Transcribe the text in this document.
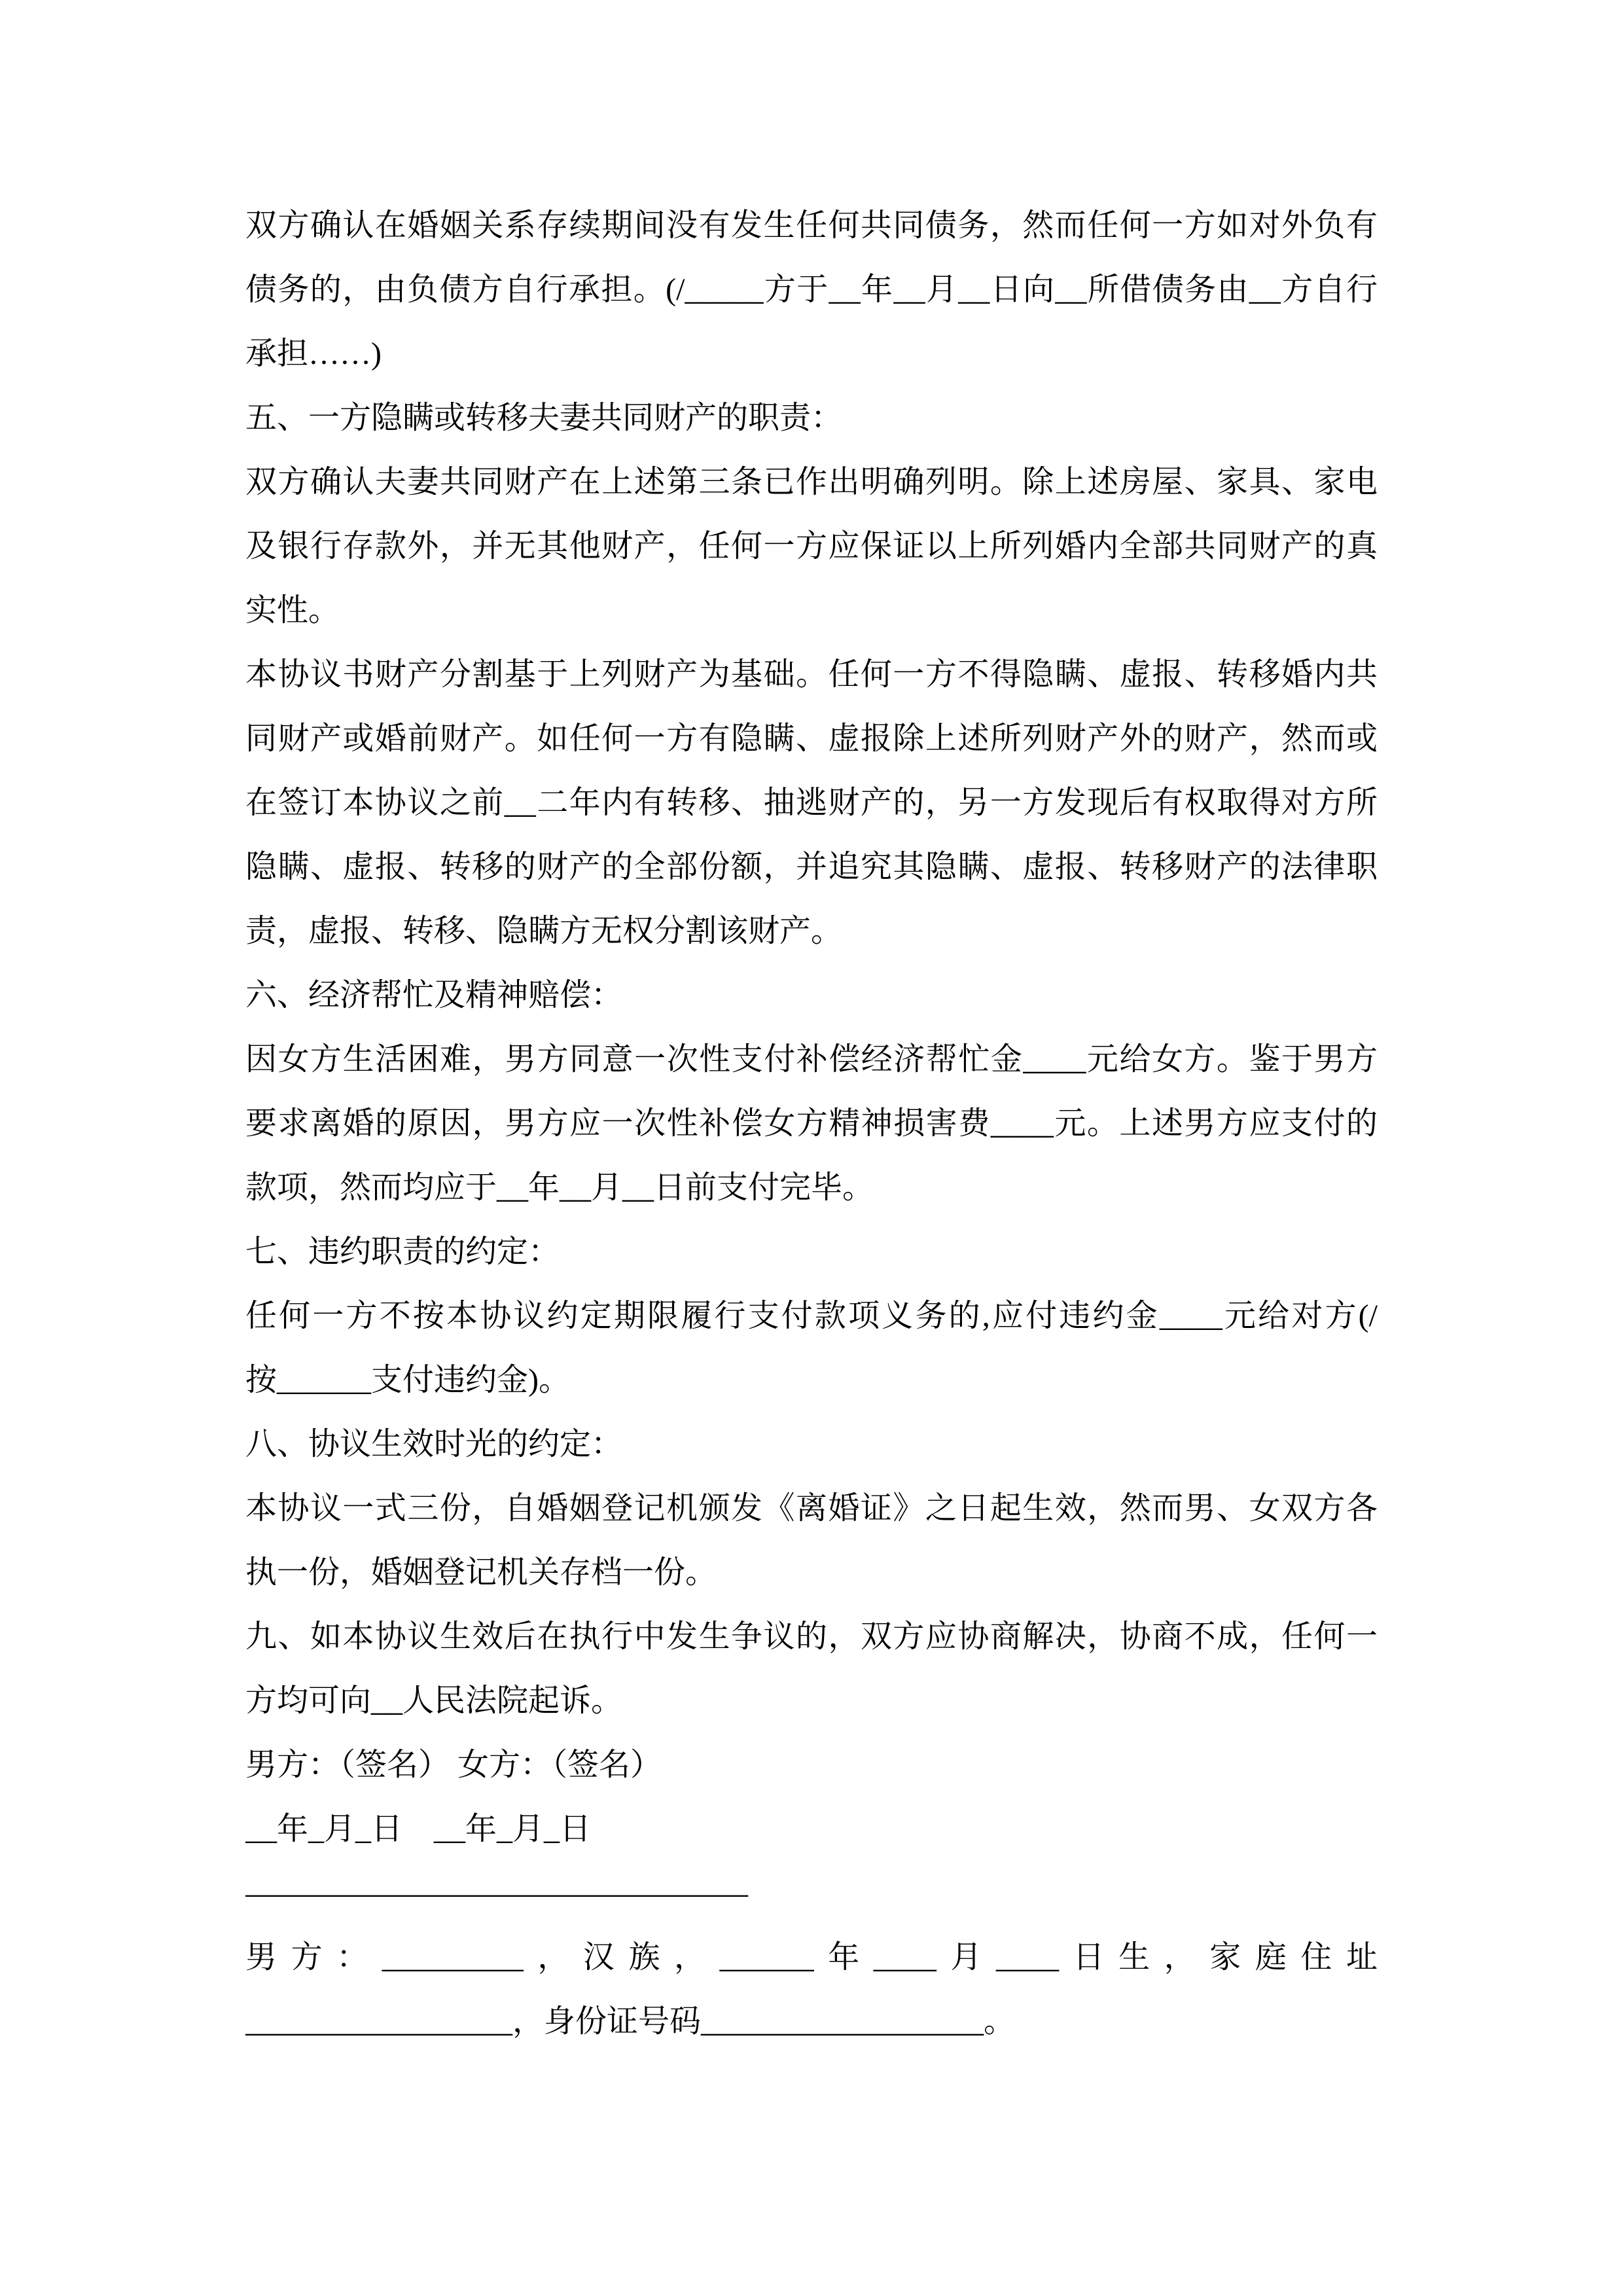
双方确认在婚姻关系存续期间没有发生任何共同债务，然而任何一方如对外负有
债务的，由负债方自行承担。(/_____方于__年__月__日向__所借债务由__方自行
承担……)
五、一方隐瞒或转移夫妻共同财产的职责：
双方确认夫妻共同财产在上述第三条已作出明确列明。除上述房屋、家具、家电
及银行存款外，并无其他财产，任何一方应保证以上所列婚内全部共同财产的真
实性。
本协议书财产分割基于上列财产为基础。任何一方不得隐瞒、虚报、转移婚内共
同财产或婚前财产。如任何一方有隐瞒、虚报除上述所列财产外的财产，然而或
在签订本协议之前__二年内有转移、抽逃财产的，另一方发现后有权取得对方所
隐瞒、虚报、转移的财产的全部份额，并追究其隐瞒、虚报、转移财产的法律职
责，虚报、转移、隐瞒方无权分割该财产。
六、经济帮忙及精神赔偿：
因女方生活困难，男方同意一次性支付补偿经济帮忙金____元给女方。鉴于男方
要求离婚的原因，男方应一次性补偿女方精神损害费____元。上述男方应支付的
款项，然而均应于__年__月__日前支付完毕。
七、违约职责的约定：
任何一方不按本协议约定期限履行支付款项义务的,应付违约金____元给对方(/
按______支付违约金)。
八、协议生效时光的约定：
本协议一式三份，自婚姻登记机颁发《离婚证》之日起生效，然而男、女双方各
执一份，婚姻登记机关存档一份。
九、如本协议生效后在执行中发生争议的，双方应协商解决，协商不成，任何一
方均可向__人民法院起诉。
男方：（签名） 女方：（签名）
__年_月_日　__年_月_日
————————————————
男方：_________，汉族，______年____月____日生，家庭住址
_________________，身份证号码__________________。
